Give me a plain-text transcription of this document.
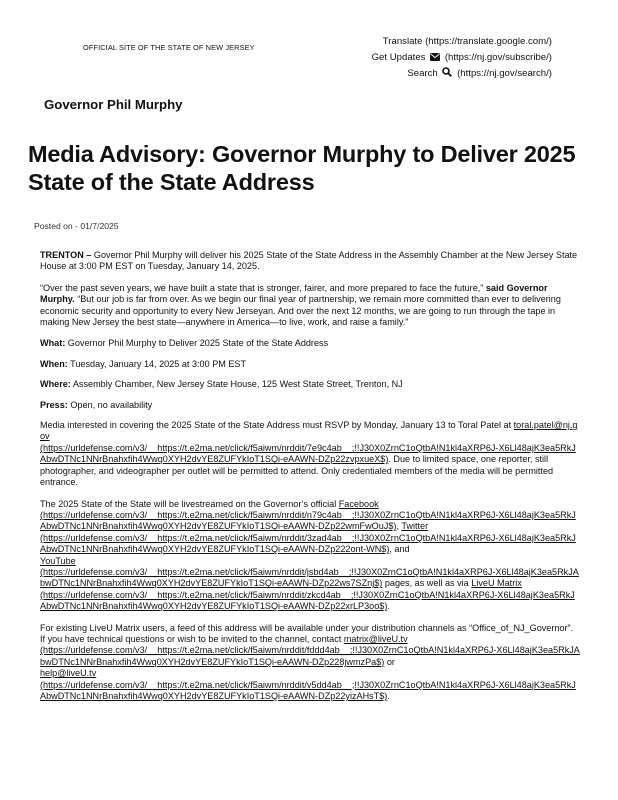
OFFICIAL SITE OF THE STATE OF NEW JERSEY
Translate (https://translate.google.com/)
Get Updates (https://nj.gov/subscribe/)
Search (https://nj.gov/search/)
Governor Phil Murphy
Media Advisory: Governor Murphy to Deliver 2025 State of the State Address
Posted on - 01/7/2025

TRENTON – Governor Phil Murphy will deliver his 2025 State of the State Address in the Assembly Chamber at the New Jersey State House at 3:00 PM EST on Tuesday, January 14, 2025.

“Over the past seven years, we have built a state that is stronger, fairer, and more prepared to face the future,” said Governor Murphy. “But our job is far from over. As we begin our final year of partnership, we remain more committed than ever to delivering economic security and opportunity to every New Jerseyan. And over the next 12 months, we are going to run through the tape in making New Jersey the best state—anywhere in America—to live, work, and raise a family.”

What: Governor Phil Murphy to Deliver 2025 State of the State Address

When: Tuesday, January 14, 2025 at 3:00 PM EST

Where: Assembly Chamber, New Jersey State House, 125 West State Street, Trenton, NJ

Press: Open, no availability

Media interested in covering the 2025 State of the State Address must RSVP by Monday, January 13 to Toral Patel at toral.patel@nj.gov
(https://urldefense.com/v3/__https://t.e2ma.net/click/f5aiwm/nrddit/7e9c4ab__;!!J30X0ZrnC1oQtbA!N1kl4aXRP6J-X6Ll48ajK3ea5RkJAbwDTNc1NNrBnahxfih4Wwq0XYH2dvYE8ZUFYkIoT1SQi-eAAWN-DZp22zvpxueX$). Due to limited space, one reporter, still photographer, and videographer per outlet will be permitted to attend. Only credentialed members of the media will be permitted entrance.

The 2025 State of the State will be livestreamed on the Governor’s official Facebook
(https://urldefense.com/v3/__https://t.e2ma.net/click/f5aiwm/nrddit/n79c4ab__;!!J30X0ZrnC1oQtbA!N1kl4aXRP6J-X6Ll48ajK3ea5RkJAbwDTNc1NNrBnahxfih4Wwq0XYH2dvYE8ZUFYkIoT1SQi-eAAWN-DZp22wmFwOuJ$), Twitter
(https://urldefense.com/v3/__https://t.e2ma.net/click/f5aiwm/nrddit/3zad4ab__;!!J30X0ZrnC1oQtbA!N1kl4aXRP6J-X6Ll48ajK3ea5RkJAbwDTNc1NNrBnahxfih4Wwq0XYH2dvYE8ZUFYkIoT1SQi-eAAWN-DZp222ont-WN$), and
YouTube
(https://urldefense.com/v3/__https://t.e2ma.net/click/f5aiwm/nrddit/jsbd4ab__;!!J30X0ZrnC1oQtbA!N1kl4aXRP6J-X6Ll48ajK3ea5RkJAbwDTNc1NNrBnahxfih4Wwq0XYH2dvYE8ZUFYkIoT1SQi-eAAWN-DZp22ws7SZnj$) pages, as well as via LiveU Matrix
(https://urldefense.com/v3/__https://t.e2ma.net/click/f5aiwm/nrddit/zkcd4ab__;!!J30X0ZrnC1oQtbA!N1kl4aXRP6J-X6Ll48ajK3ea5RkJAbwDTNc1NNrBnahxfih4Wwq0XYH2dvYE8ZUFYkIoT1SQi-eAAWN-DZp22xrLP3oo$).

For existing LiveU Matrix users, a feed of this address will be available under your distribution channels as “Office_of_NJ_Governor”. If you have technical questions or wish to be invited to the channel, contact matrix@liveU.tv
(https://urldefense.com/v3/__https://t.e2ma.net/click/f5aiwm/nrddit/fddd4ab__;!!J30X0ZrnC1oQtbA!N1kl4aXRP6J-X6Ll48ajK3ea5RkJAbwDTNc1NNrBnahxfih4Wwq0XYH2dvYE8ZUFYkIoT1SQi-eAAWN-DZp228jwmzPa$) or
help@liveU.tv
(https://urldefense.com/v3/__https://t.e2ma.net/click/f5aiwm/nrddit/v5dd4ab__;!!J30X0ZrnC1oQtbA!N1kl4aXRP6J-X6Ll48ajK3ea5RkJAbwDTNc1NNrBnahxfih4Wwq0XYH2dvYE8ZUFYkIoT1SQi-eAAWN-DZp22yizAHsT$).
